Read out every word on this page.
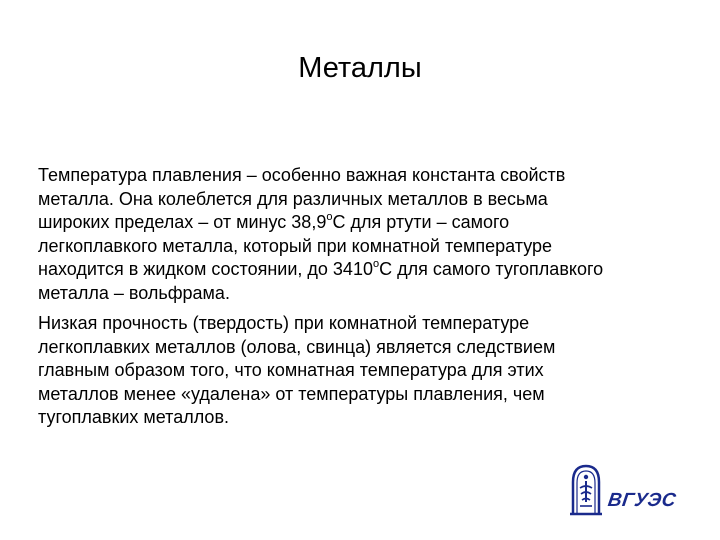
Металлы

Температура плавления – особенно важная константа свойств
металла. Она колеблется для различных металлов в весьма
широких пределах – от минус 38,9$^o$С для ртути – самого
легкоплавкого металла, который при комнатной температуре
находится в жидком состоянии, до 3410$^o$С для самого тугоплавкого
металла – вольфрама.

Низкая прочность (твердость) при комнатной температуре
легкоплавких металлов (олова, свинца) является следствием
главным образом того, что комнатная температура для этих
металлов менее «удалена» от температуры плавления, чем
тугоплавких металлов.

ВГУЭС
